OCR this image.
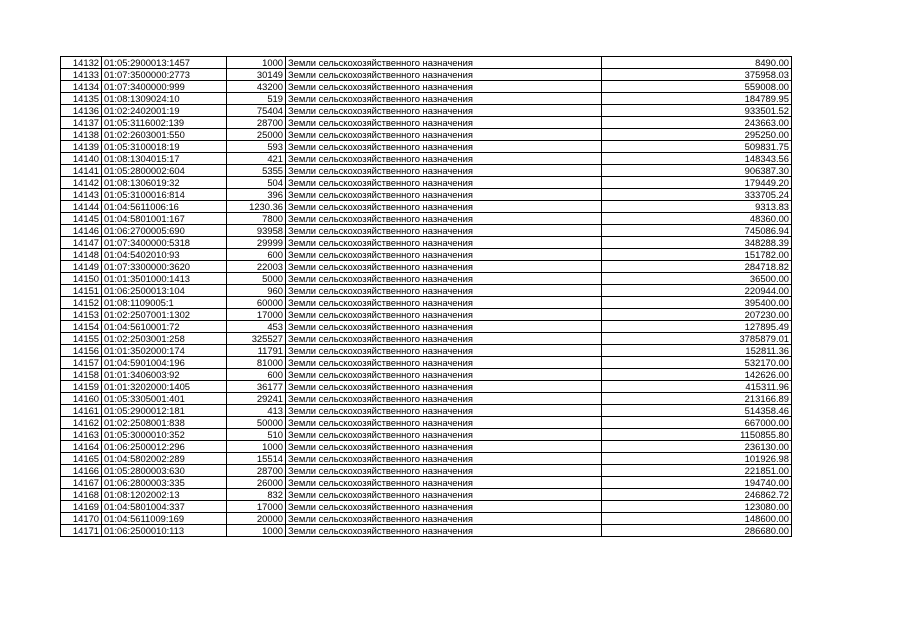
14132	01:05:2900013:1457	1000	Земли сельскохозяйственного назначения	8490.00
14133	01:07:3500000:2773	30149	Земли сельскохозяйственного назначения	375958.03
14134	01:07:3400000:999	43200	Земли сельскохозяйственного назначения	559008.00
14135	01:08:1309024:10	519	Земли сельскохозяйственного назначения	184789.95
14136	01:02:2402001:19	75404	Земли сельскохозяйственного назначения	933501.52
14137	01:05:3116002:139	28700	Земли сельскохозяйственного назначения	243663.00
14138	01:02:2603001:550	25000	Земли сельскохозяйственного назначения	295250.00
14139	01:05:3100018:19	593	Земли сельскохозяйственного назначения	509831.75
14140	01:08:1304015:17	421	Земли сельскохозяйственного назначения	148343.56
14141	01:05:2800002:604	5355	Земли сельскохозяйственного назначения	906387.30
14142	01:08:1306019:32	504	Земли сельскохозяйственного назначения	179449.20
14143	01:05:3100016:814	396	Земли сельскохозяйственного назначения	333705.24
14144	01:04:5611006:16	1230.36	Земли сельскохозяйственного назначения	9313.83
14145	01:04:5801001:167	7800	Земли сельскохозяйственного назначения	48360.00
14146	01:06:2700005:690	93958	Земли сельскохозяйственного назначения	745086.94
14147	01:07:3400000:5318	29999	Земли сельскохозяйственного назначения	348288.39
14148	01:04:5402010:93	600	Земли сельскохозяйственного назначения	151782.00
14149	01:07:3300000:3620	22003	Земли сельскохозяйственного назначения	284718.82
14150	01:01:3501000:1413	5000	Земли сельскохозяйственного назначения	36500.00
14151	01:06:2500013:104	960	Земли сельскохозяйственного назначения	220944.00
14152	01:08:1109005:1	60000	Земли сельскохозяйственного назначения	395400.00
14153	01:02:2507001:1302	17000	Земли сельскохозяйственного назначения	207230.00
14154	01:04:5610001:72	453	Земли сельскохозяйственного назначения	127895.49
14155	01:02:2503001:258	325527	Земли сельскохозяйственного назначения	3785879.01
14156	01:01:3502000:174	11791	Земли сельскохозяйственного назначения	152811.36
14157	01:04:5901004:196	81000	Земли сельскохозяйственного назначения	532170.00
14158	01:01:3406003:92	600	Земли сельскохозяйственного назначения	142626.00
14159	01:01:3202000:1405	36177	Земли сельскохозяйственного назначения	415311.96
14160	01:05:3305001:401	29241	Земли сельскохозяйственного назначения	213166.89
14161	01:05:2900012:181	413	Земли сельскохозяйственного назначения	514358.46
14162	01:02:2508001:838	50000	Земли сельскохозяйственного назначения	667000.00
14163	01:05:3000010:352	510	Земли сельскохозяйственного назначения	1150855.80
14164	01:06:2500012:296	1000	Земли сельскохозяйственного назначения	236130.00
14165	01:04:5802002:289	15514	Земли сельскохозяйственного назначения	101926.98
14166	01:05:2800003:630	28700	Земли сельскохозяйственного назначения	221851.00
14167	01:06:2800003:335	26000	Земли сельскохозяйственного назначения	194740.00
14168	01:08:1202002:13	832	Земли сельскохозяйственного назначения	246862.72
14169	01:04:5801004:337	17000	Земли сельскохозяйственного назначения	123080.00
14170	01:04:5611009:169	20000	Земли сельскохозяйственного назначения	148600.00
14171	01:06:2500010:113	1000	Земли сельскохозяйственного назначения	286680.00
